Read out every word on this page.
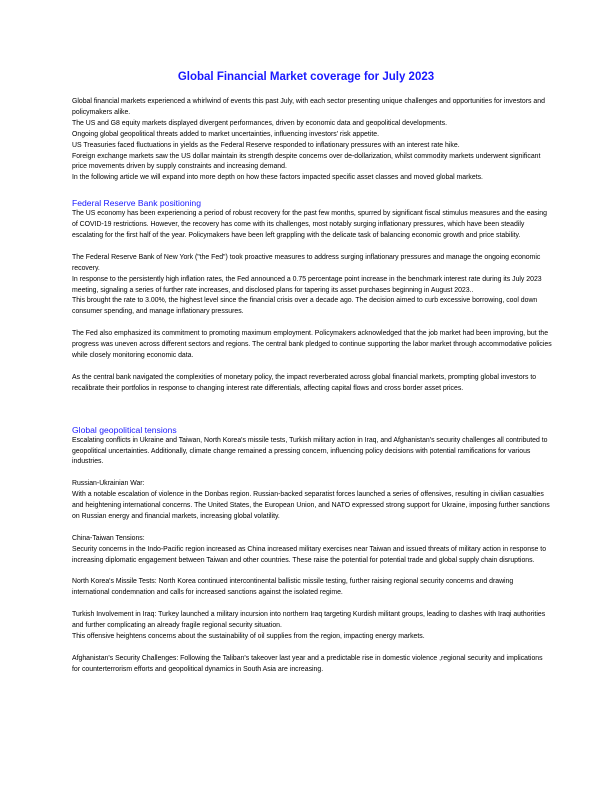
Global Financial Market coverage for July 2023

Global financial markets experienced a whirlwind of events this past July, with each sector presenting unique challenges and opportunities for investors and policymakers alike.

The US and G8 equity markets displayed divergent performances, driven by economic data and geopolitical developments.

Ongoing global geopolitical threats added to market uncertainties, influencing investors' risk appetite.

US Treasuries faced fluctuations in yields as the Federal Reserve responded to inflationary pressures with an interest rate hike.

Foreign exchange markets saw the US dollar maintain its strength despite concerns over de-dollarization, whilst commodity markets underwent significant price movements driven by supply constraints and increasing demand.

In the following article we will expand into more depth on how these factors impacted specific asset classes and moved global markets.

Federal Reserve Bank positioning

The US economy has been experiencing a period of robust recovery for the past few months, spurred by significant fiscal stimulus measures and the easing of COVID-19 restrictions. However, the recovery has come with its challenges, most notably surging inflationary pressures, which have been steadily escalating for the first half of the year. Policymakers have been left grappling with the delicate task of balancing economic growth and price stability.

The Federal Reserve Bank of New York ("the Fed") took proactive measures to address surging inflationary pressures and manage the ongoing economic recovery.

In response to the persistently high inflation rates, the Fed announced a 0.75 percentage point increase in the benchmark interest rate during its July 2023 meeting, signaling a series of further rate increases, and disclosed plans for tapering its asset purchases beginning in August 2023..

This brought the rate to 3.00%, the highest level since the financial crisis over a decade ago. The decision aimed to curb excessive borrowing, cool down consumer spending, and manage inflationary pressures.

The Fed also emphasized its commitment to promoting maximum employment. Policymakers acknowledged that the job market had been improving, but the progress was uneven across different sectors and regions. The central bank pledged to continue supporting the labor market through accommodative policies while closely monitoring economic data.

As the central bank navigated the complexities of monetary policy, the impact reverberated across global financial markets, prompting global investors to recalibrate their portfolios in response to changing interest rate differentials, affecting capital flows and cross border asset prices.

Global geopolitical tensions

Escalating conflicts in Ukraine and Taiwan, North Korea's missile tests, Turkish military action in Iraq, and Afghanistan's security challenges all contributed to geopolitical uncertainties. Additionally, climate change remained a pressing concern, influencing policy decisions with potential ramifications for various industries.

Russian-Ukrainian War:

With a notable escalation of violence in the Donbas region. Russian-backed separatist forces launched a series of offensives, resulting in civilian casualties and heightening international concerns. The United States, the European Union, and NATO expressed strong support for Ukraine, imposing further sanctions on Russian energy and financial markets, increasing global volatility.

China-Taiwan Tensions:

Security concerns in the Indo-Pacific region increased as China increased military exercises near Taiwan and issued threats of military action in response to increasing diplomatic engagement between Taiwan and other countries. These raise the potential for potential trade and global supply chain disruptions.

North Korea's Missile Tests: North Korea continued intercontinental ballistic missile testing, further raising regional security concerns and drawing international condemnation and calls for increased sanctions against the isolated regime.

Turkish Involvement in Iraq: Turkey launched a military incursion into northern Iraq targeting Kurdish militant groups, leading to clashes with Iraqi authorities and further complicating an already fragile regional security situation.

This offensive heightens concerns about the sustainability of oil supplies from the region, impacting energy markets.

Afghanistan's Security Challenges: Following the Taliban's takeover last year and a predictable rise in domestic violence ,regional security and implications for counterterrorism efforts and geopolitical dynamics in South Asia are increasing.
